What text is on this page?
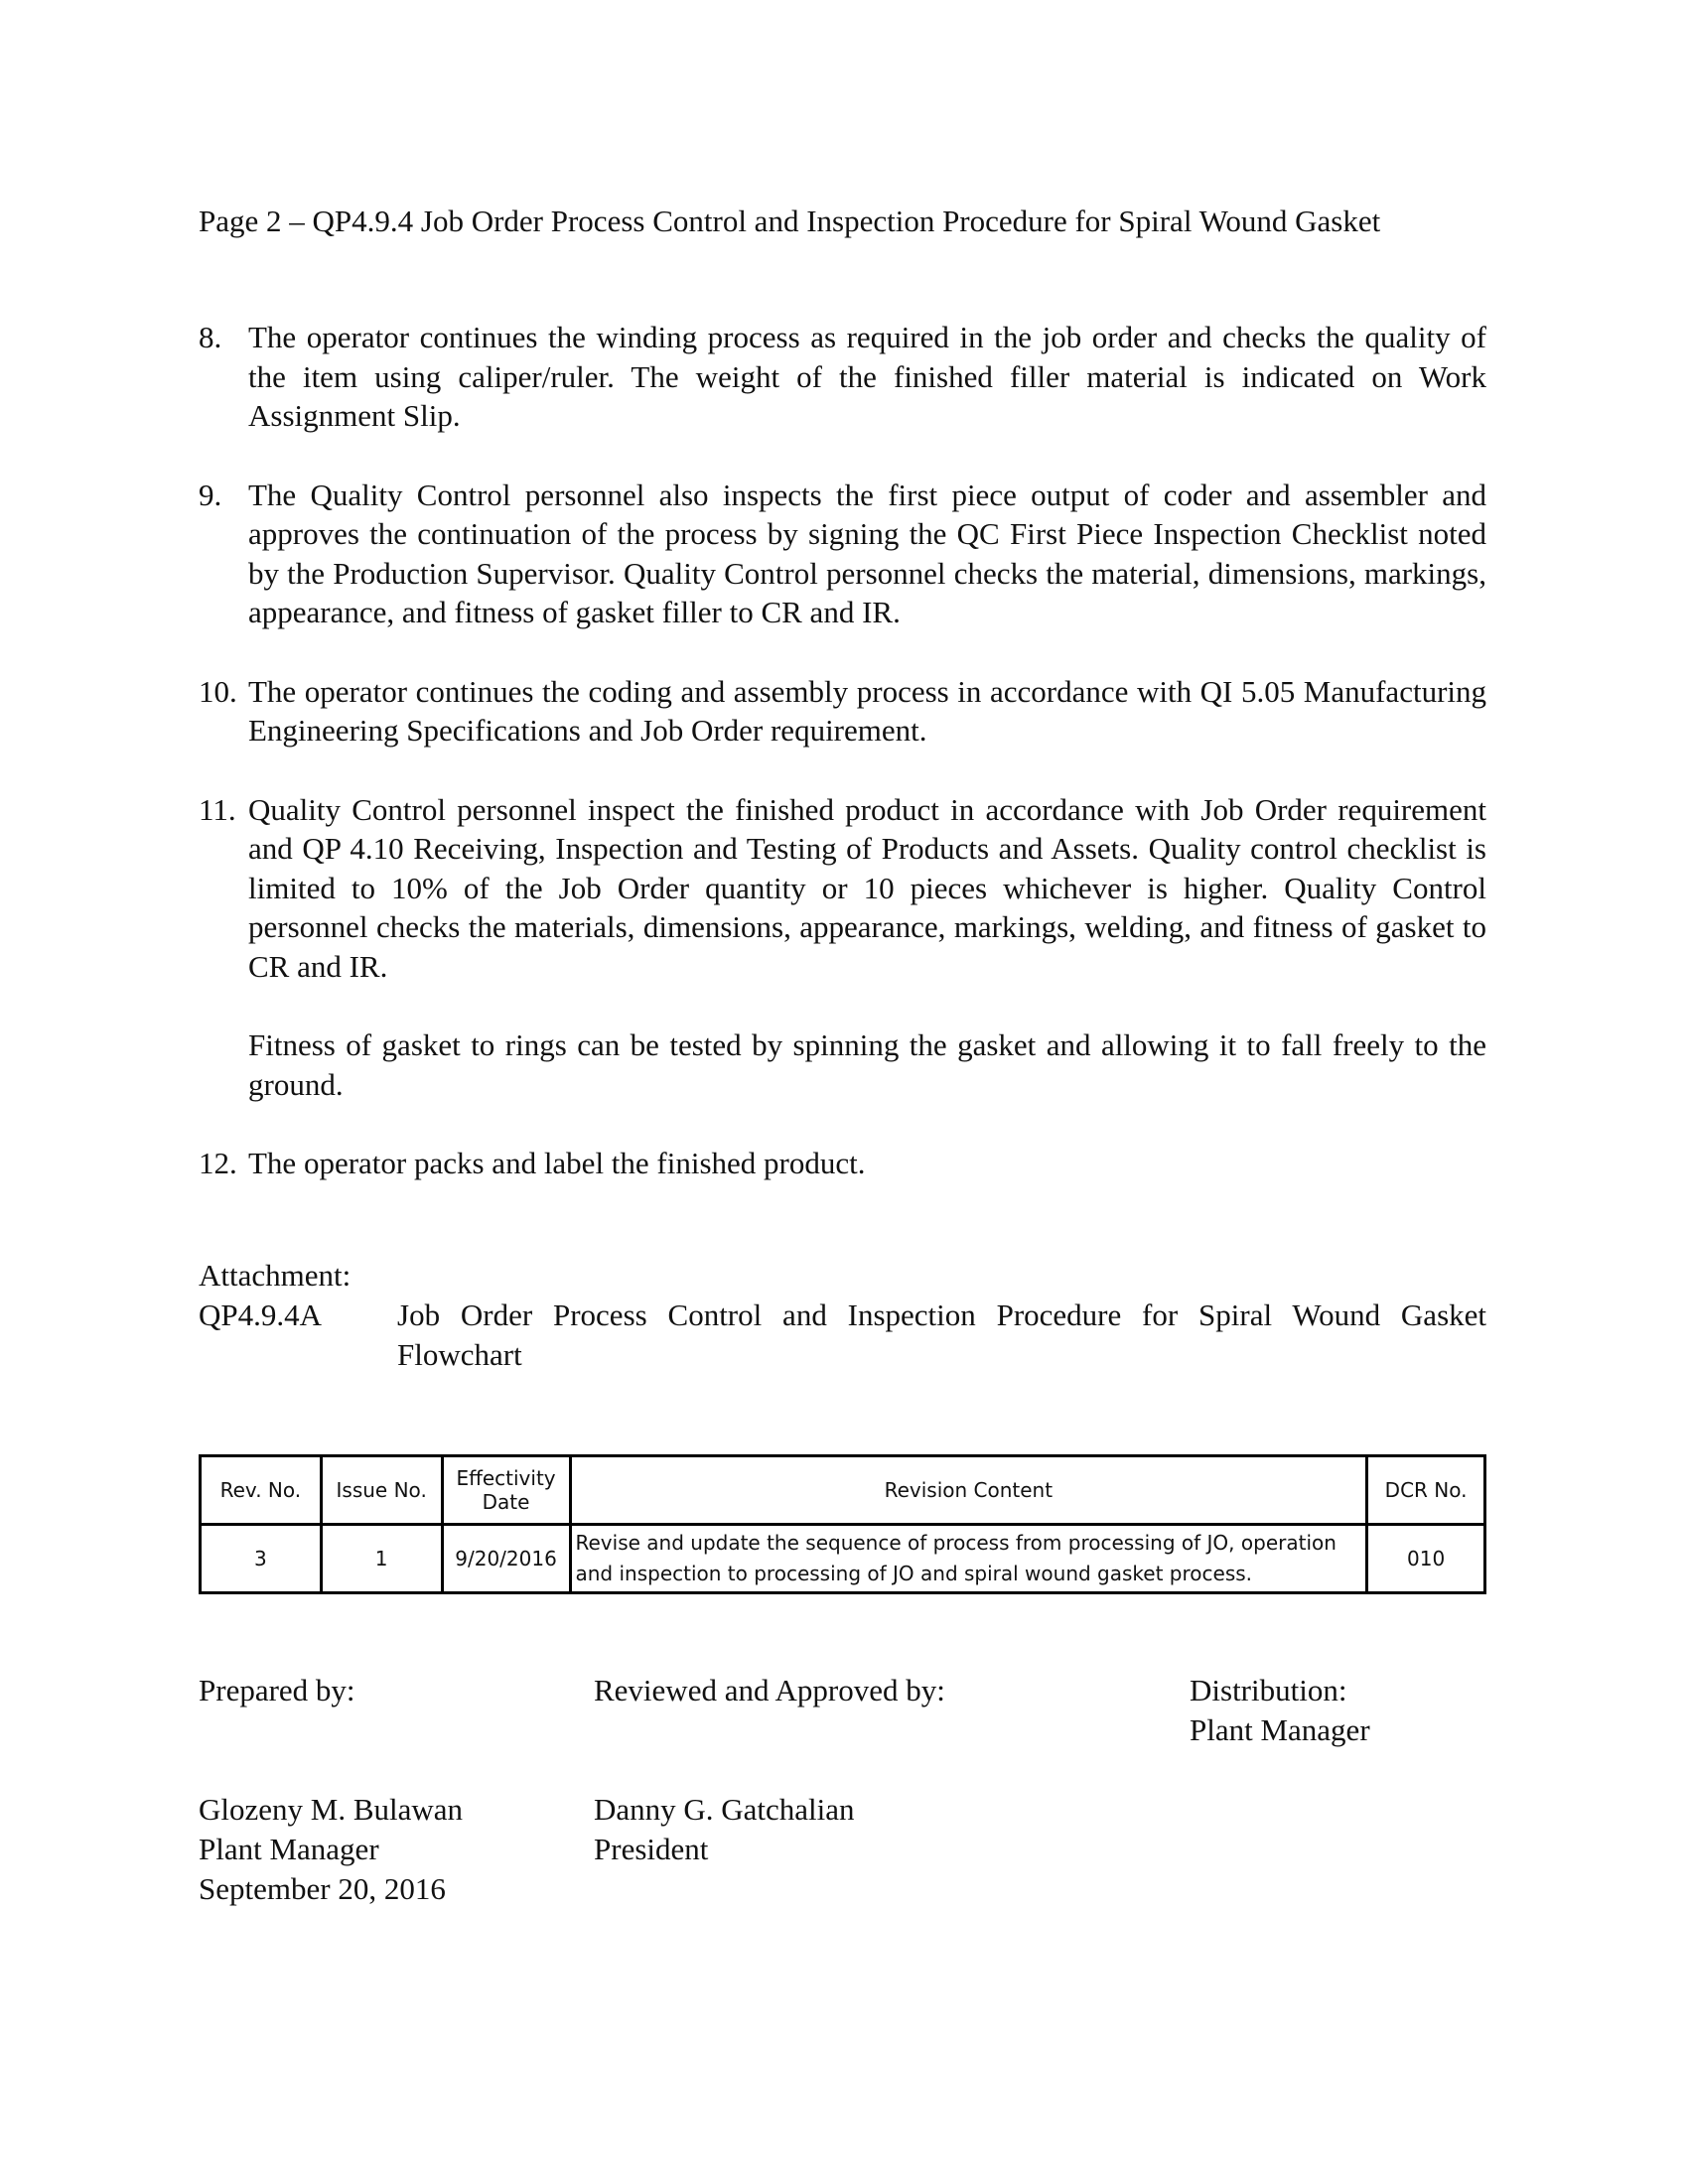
Page 2 – QP4.9.4 Job Order Process Control and Inspection Procedure for Spiral Wound Gasket
8. The operator continues the winding process as required in the job order and checks the quality of the item using caliper/ruler. The weight of the finished filler material is indicated on Work Assignment Slip.

9. The Quality Control personnel also inspects the first piece output of coder and assembler and approves the continuation of the process by signing the QC First Piece Inspection Checklist noted by the Production Supervisor. Quality Control personnel checks the material, dimensions, markings, appearance, and fitness of gasket filler to CR and IR.

10. The operator continues the coding and assembly process in accordance with QI 5.05 Manufacturing Engineering Specifications and Job Order requirement.

11. Quality Control personnel inspect the finished product in accordance with Job Order requirement and QP 4.10 Receiving, Inspection and Testing of Products and Assets. Quality control checklist is limited to 10% of the Job Order quantity or 10 pieces whichever is higher. Quality Control personnel checks the materials, dimensions, appearance, markings, welding, and fitness of gasket to CR and IR.

Fitness of gasket to rings can be tested by spinning the gasket and allowing it to fall freely to the ground.

12. The operator packs and label the finished product.

Attachment:
QP4.9.4A	Job Order Process Control and Inspection Procedure for Spiral Wound Gasket Flowchart
Rev. No.	Issue No.	Effectivity Date	Revision Content	DCR No.
3	1	9/20/2016	Revise and update the sequence of process from processing of JO, operation and inspection to processing of JO and spiral wound gasket process.	010
Prepared by:
Glozeny M. Bulawan
Plant Manager
September 20, 2016
Reviewed and Approved by:
Danny G. Gatchalian
President
Distribution:
Plant Manager
